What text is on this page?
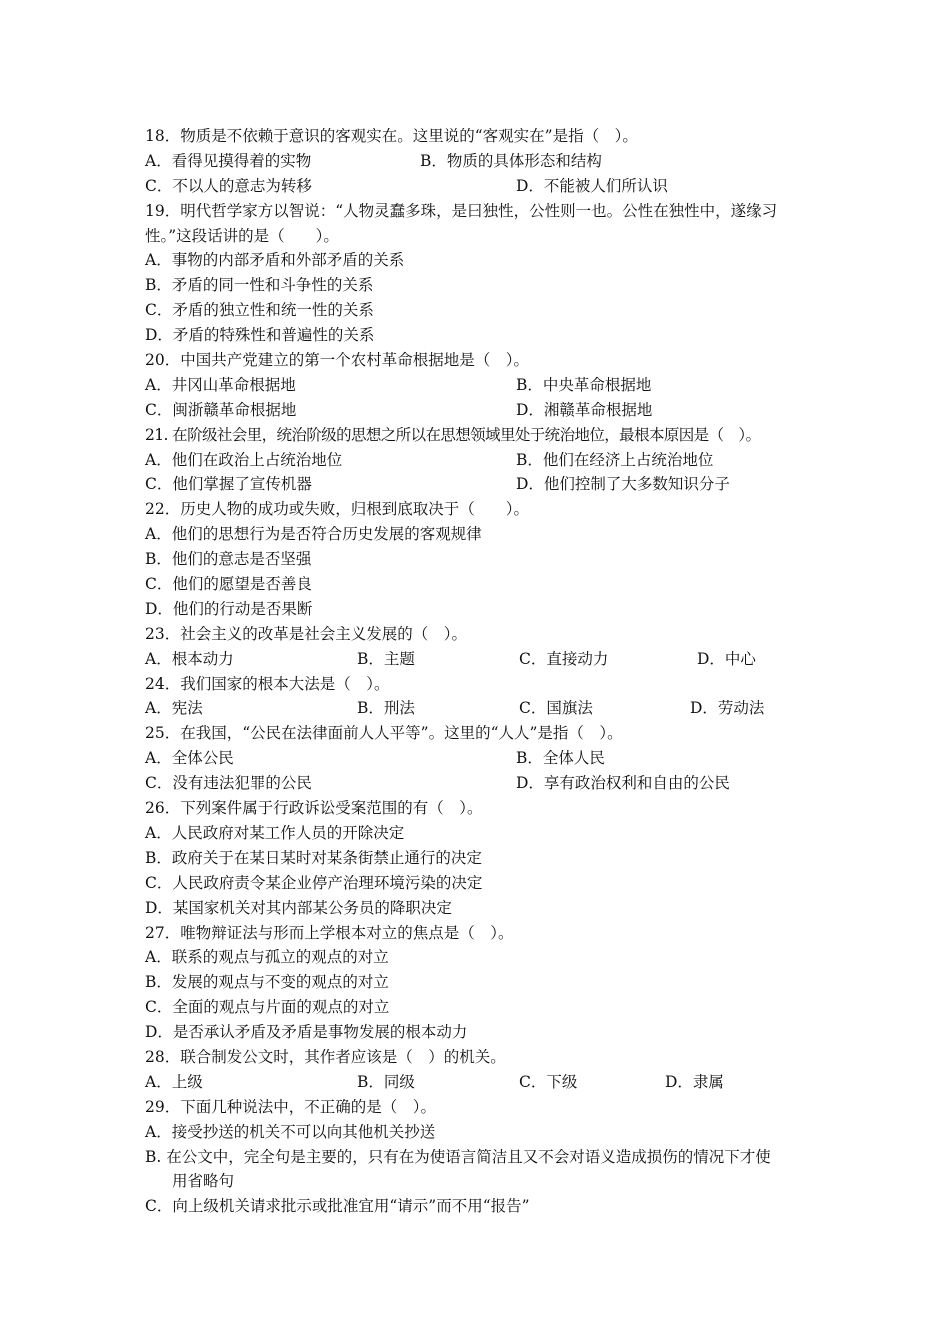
18．物质是不依赖于意识的客观实在。这里说的“客观实在”是指（　）。
A．看得见摸得着的实物	B．物质的具体形态和结构
C．不以人的意志为转移	D．不能被人们所认识
19．明代哲学家方以智说：“人物灵蠢多珠，是曰独性，公性则一也。公性在独性中，遂缘习
性。”这段话讲的是（　　）。
A．事物的内部矛盾和外部矛盾的关系
B．矛盾的同一性和斗争性的关系
C．矛盾的独立性和统一性的关系
D．矛盾的特殊性和普遍性的关系
20．中国共产党建立的第一个农村革命根据地是（　）。
A．井冈山革命根据地	B．中央革命根据地
C．闽浙赣革命根据地	D．湘赣革命根据地
21. 在阶级社会里，统治阶级的思想之所以在思想领域里处于统治地位，最根本原因是（　）。
A．他们在政治上占统治地位	B．他们在经济上占统治地位
C．他们掌握了宣传机器	D．他们控制了大多数知识分子
22．历史人物的成功或失败，归根到底取决于（　　）。
A．他们的思想行为是否符合历史发展的客观规律
B．他们的意志是否坚强
C．他们的愿望是否善良
D．他们的行动是否果断
23．社会主义的改革是社会主义发展的（　）。
A．根本动力	B．主题	C．直接动力	D．中心
24．我们国家的根本大法是（　）。
A．宪法	B．刑法	C．国旗法	D．劳动法
25．在我国，“公民在法律面前人人平等”。这里的“人人”是指（　）。
A．全体公民	B．全体人民
C．没有违法犯罪的公民	D．享有政治权利和自由的公民
26．下列案件属于行政诉讼受案范围的有（　）。
A．人民政府对某工作人员的开除决定
B．政府关于在某日某时对某条街禁止通行的决定
C．人民政府责令某企业停产治理环境污染的决定
D．某国家机关对其内部某公务员的降职决定
27．唯物辩证法与形而上学根本对立的焦点是（　）。
A．联系的观点与孤立的观点的对立
B．发展的观点与不变的观点的对立
C．全面的观点与片面的观点的对立
D．是否承认矛盾及矛盾是事物发展的根本动力
28．联合制发公文时，其作者应该是（　）的机关。
A．上级	B．同级	C．下级	D．隶属
29．下面几种说法中，不正确的是（　）。
A．接受抄送的机关不可以向其他机关抄送
B. 在公文中，完全句是主要的，只有在为使语言简洁且又不会对语义造成损伤的情况下才使
用省略句
C．向上级机关请求批示或批准宜用“请示”而不用“报告”
